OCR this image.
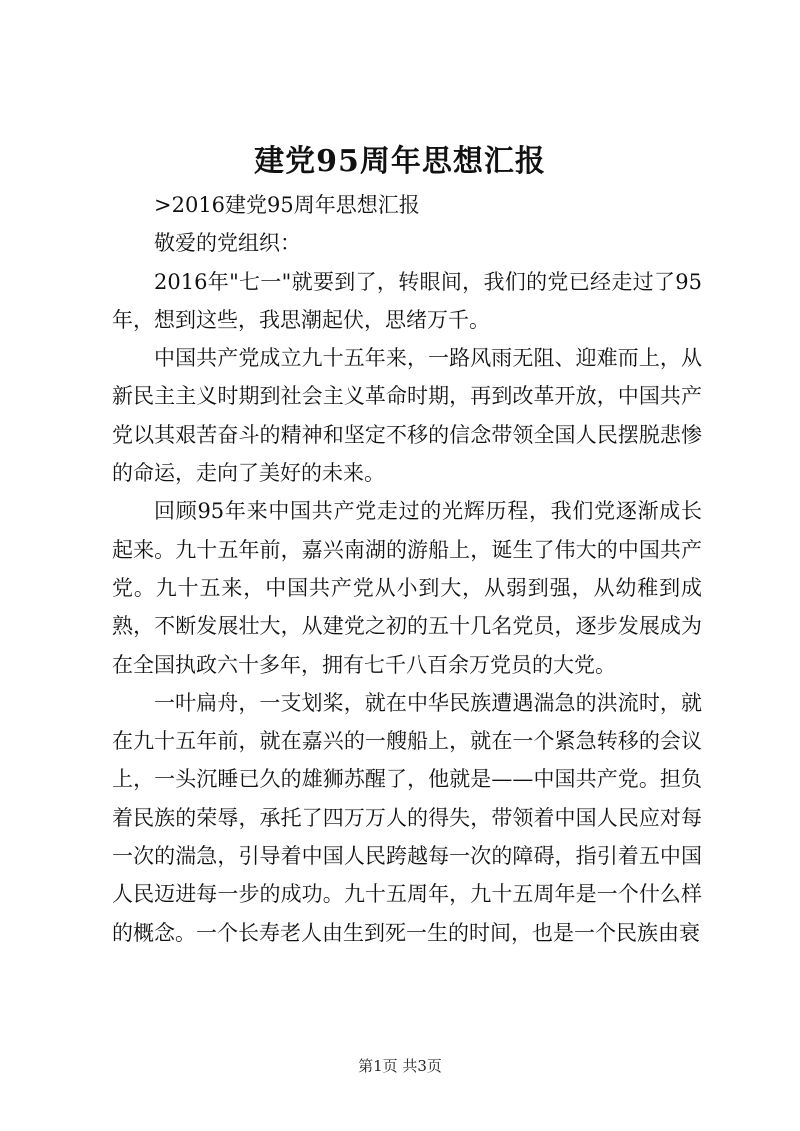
建党95周年思想汇报

>2016建党95周年思想汇报

敬爱的党组织：

2016年"七一"就要到了，转眼间，我们的党已经走过了95年，想到这些，我思潮起伏，思绪万千。

中国共产党成立九十五年来，一路风雨无阻、迎难而上，从新民主主义时期到社会主义革命时期，再到改革开放，中国共产党以其艰苦奋斗的精神和坚定不移的信念带领全国人民摆脱悲惨的命运，走向了美好的未来。

回顾95年来中国共产党走过的光辉历程，我们党逐渐成长起来。九十五年前，嘉兴南湖的游船上，诞生了伟大的中国共产党。九十五来，中国共产党从小到大，从弱到强，从幼稚到成熟，不断发展壮大，从建党之初的五十几名党员，逐步发展成为在全国执政六十多年，拥有七千八百余万党员的大党。

一叶扁舟，一支划桨，就在中华民族遭遇湍急的洪流时，就在九十五年前，就在嘉兴的一艘船上，就在一个紧急转移的会议上，一头沉睡已久的雄狮苏醒了，他就是——中国共产党。担负着民族的荣辱，承托了四万万人的得失，带领着中国人民应对每一次的湍急，引导着中国人民跨越每一次的障碍，指引着五中国人民迈进每一步的成功。九十五周年，九十五周年是一个什么样的概念。一个长寿老人由生到死一生的时间，也是一个民族由衰

第1页 共3页
